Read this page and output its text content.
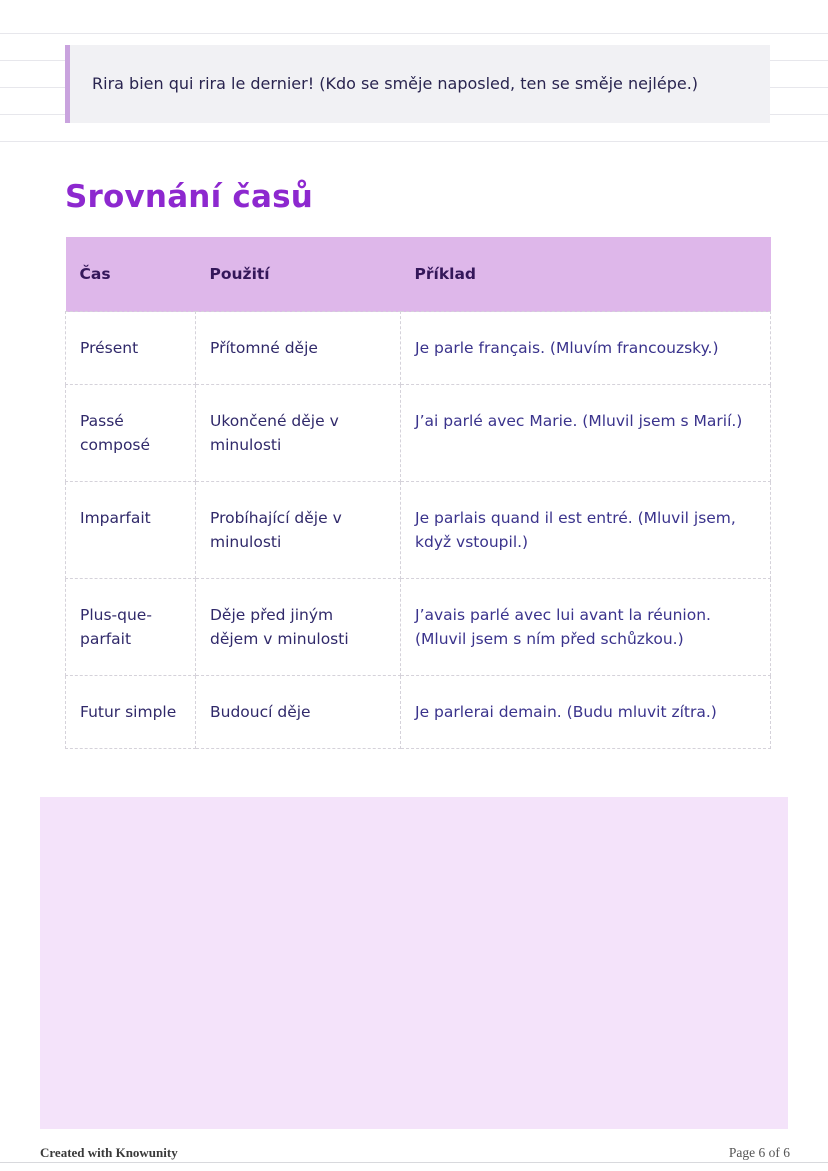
Rira bien qui rira le dernier! (Kdo se směje naposled, ten se směje nejlépe.)
Srovnání časů
Čas	Použití	Příklad
Présent	Přítomné děje	Je parle français. (Mluvím francouzsky.)
Passé composé	Ukončené děje v minulosti	J’ai parlé avec Marie. (Mluvil jsem s Marií.)
Imparfait	Probíhající děje v minulosti	Je parlais quand il est entré. (Mluvil jsem, když vstoupil.)
Plus-que-parfait	Děje před jiným dějem v minulosti	J’avais parlé avec lui avant la réunion. (Mluvil jsem s ním před schůzkou.)
Futur simple	Budoucí děje	Je parlerai demain. (Budu mluvit zítra.)
Created with Knowunity	Page 6 of 6
